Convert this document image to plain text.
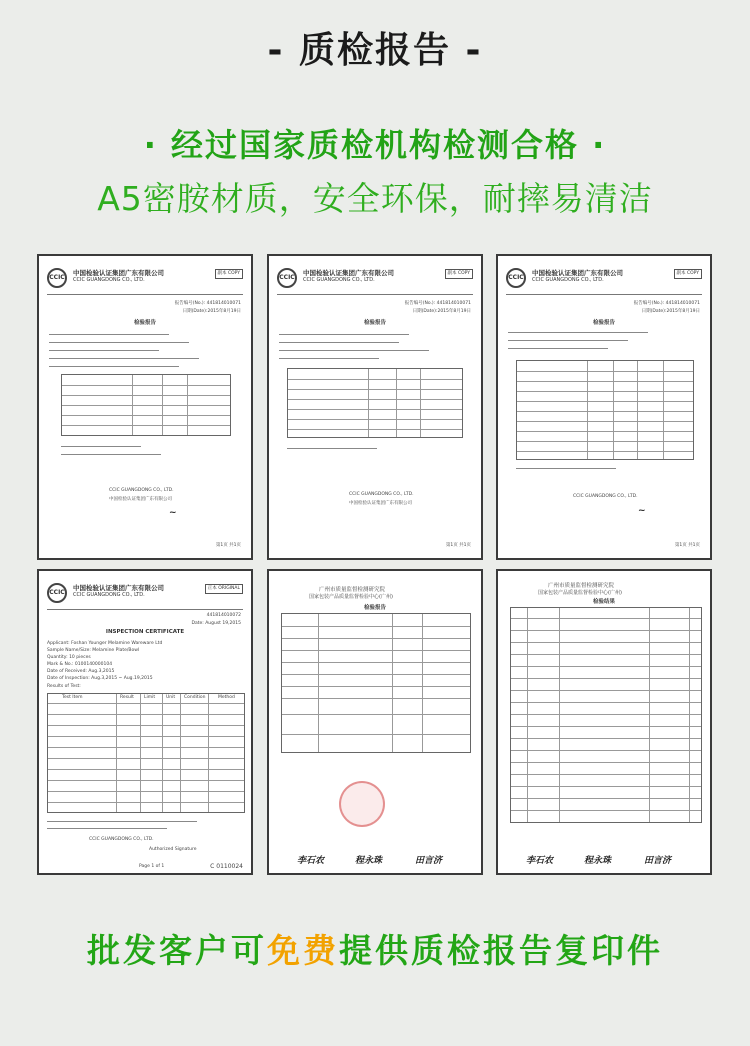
- 质检报告 -
· 经过国家质检机构检测合格 ·
A5密胺材质，安全环保，耐摔易清洁
CCIC
中国检验认证集团广东有限公司
CCIC GUANGDONG CO., LTD.
副本 COPY
报告编号(No.): 441814010071
日期(Date):2015年8月19日
检验报告
CCIC GUANGDONG CO., LTD.
中国检验认证集团广东有限公司
~
第1页 共1页
CCIC
中国检验认证集团广东有限公司
CCIC GUANGDONG CO., LTD.
副本 COPY
报告编号(No.): 441814010071
日期(Date):2015年8月19日
检验报告
CCIC GUANGDONG CO., LTD.
中国检验认证集团广东有限公司
第1页 共1页
CCIC
中国检验认证集团广东有限公司
CCIC GUANGDONG CO., LTD.
副本 COPY
报告编号(No.): 441814010071
日期(Date):2015年8月19日
检验报告
CCIC GUANGDONG CO., LTD.
~
第1页 共1页
CCIC
中国检验认证集团广东有限公司
CCIC GUANGDONG CO., LTD.
正本 ORIGINAL
441814010072
Date: August 19,2015
INSPECTION CERTIFICATE
Applicant: Foshan Younger Melamine Wareware Ltd
Sample Name/Size: Melamine Plate/Bowl
Quantity: 10 pieces
Mark & No.: 0100140000104
Date of Received: Aug.3,2015
Date of Inspection: Aug.3,2015 ~ Aug.19,2015
Results of Test:
Test Item	Result Limit Unit Condition	Method
CCIC GUANGDONG CO., LTD.
Authorized Signature
Page 1 of 1	C 0110024
广州市质量监督检测研究院
国家包装产品质量监督检验中心(广州)
检验报告
李石农	程永珠	田言济
广州市质量监督检测研究院
国家包装产品质量监督检验中心(广州)
检验结果
李石农	程永珠	田言济
批发客户可免费提供质检报告复印件
